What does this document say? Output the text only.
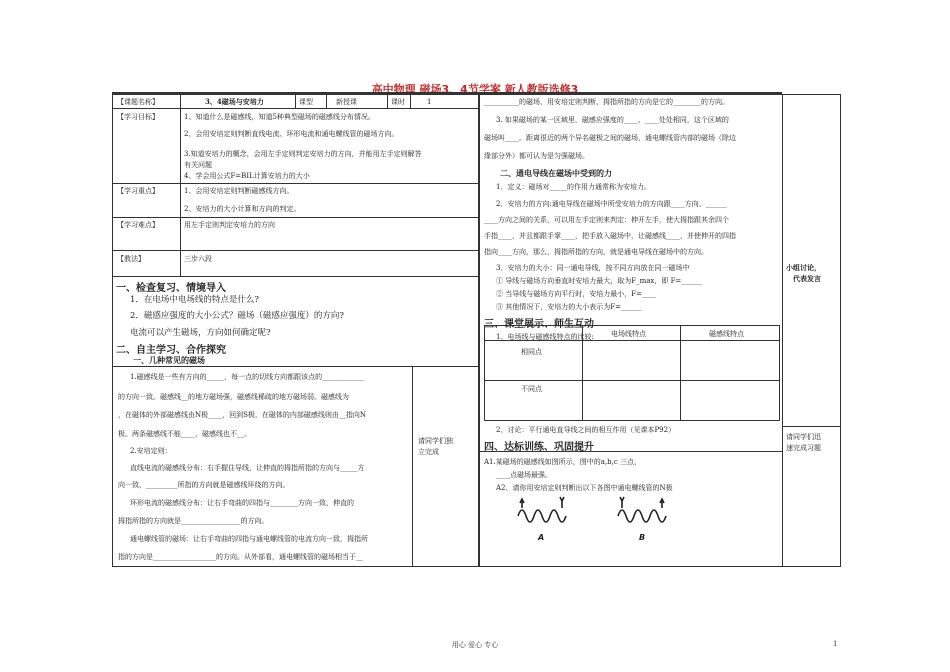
高中物理 磁场3、4节学案 新人教版选修3
【课题名称】	3、4磁场与安培力	课型	新授课	课时	1
【学习目标】	1、知道什么是磁感线，知道5种典型磁场的磁感线分布情况。
2、会用安培定则判断直线电流、环形电流和通电螺线管的磁场方向。
3.知道安培力的概念，会用左手定则判定安培力的方向，并能用左手定则解答
有关问题
4、学会用公式F=BIL计算安培力的大小
【学习重点】	1、会用安培定则判断磁感线方向。
2、安培力的大小计算和方向的判定。
【学习难点】	用左手定则判定安培力的方向
【教法】	三步六段
一、检查复习、情境导入
1．在电场中电场线的特点是什么?
2．磁感应强度的大小公式？磁场（磁感应强度）的方向?
电流可以产生磁场，方向如何确定呢?
二、自主学习、合作探究
一、几种常见的磁场
1.磁感线是一些有方向的_____，每一点的切线方向都跟该点的____________
的方向一致。磁感线__的地方磁场强，磁感线稀疏的地方磁场弱。磁感线为
，在磁体的外部磁感线由N极____，回到S极，在磁体的内部磁感线则由__指向N
极。两条磁感线不能____，磁感线也不__。
2.安培定则：
直线电流的磁感线分布：右手握住导线，让伸直的拇指所指的方向与_____方
向一致，_________所指的方向就是磁感线环绕的方向。
环形电流的磁感线分布：让右手弯曲的四指与________方向一致，伸直的
拇指所指的方向就是_________________的方向。
通电螺线管的磁场：让右手弯曲的四指与通电螺线管的电流方向一致，拇指所
指的方向是__________________的方向。从外部看，通电螺线管的磁场相当于__
请同学们独
立完成
__________的磁场，用安培定则判断，拇指所指的方向是它的________的方向。
3. 如果磁场的某一区域里，磁感应强度的____、____处处相同，这个区域的
磁场叫____。距离很近的两个异名磁极之间的磁场，通电螺线管内部的磁场（除边
缘部分外）都可认为是匀强磁场。
二、通电导线在磁场中受到的力
1．定义：磁场对_____的作用力通常称为安培力。
2．安培力的方向:通电导线在磁场中所受安培力的方向跟____方向、______
____方向之间的关系，可以用左手定则来判定：伸开左手，使大拇指跟其余四个
手指____，并且都跟手掌____，把手放入磁场中，让磁感线____，并使伸开的四指
指向____方向，那么，拇指所指的方向，就是通电导线在磁场中的方向。
3．安培力的大小：同一通电导线，按不同方向放在同一磁场中
① 导线与磁场方向垂直时安培力最大，取为F_max，即 F=______
② 当导线与磁场方向平行时，安培力最小，F=____
③ 其他情况下，安培力的大小表示为F=______
小组讨论，
代表发言
三、课堂展示、师生互动
1、电场线与磁感线特点的比较: 电场线特点	磁感线特点
相同点
不同点
2、讨论：平行通电直导线之间的相互作用（见课本P92）
四、达标训练、巩固提升
A1.某磁场的磁感线如图所示，图中的a,b,c 三点，
____点磁场最强。
A2、请你用安培定则判断出以下各图中通电螺线管的N极
请同学们迅
速完成习题
A	B
用心 爱心 专心	1
